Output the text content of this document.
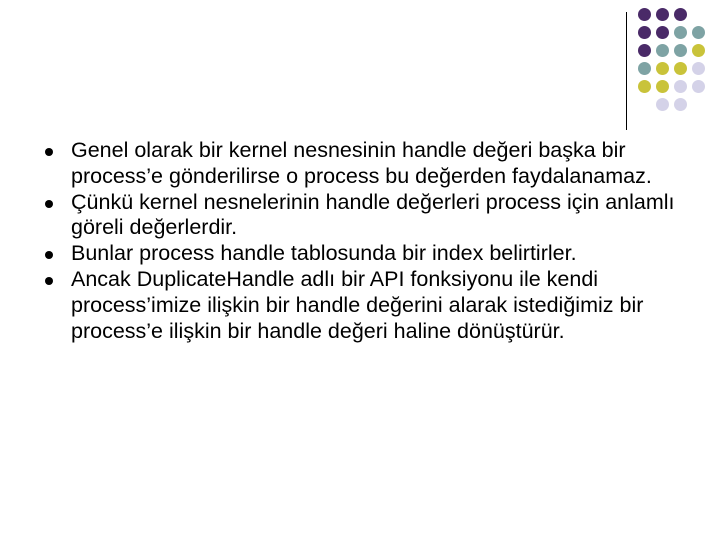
Genel olarak bir kernel nesnesinin handle değeri başka bir process’e gönderilirse o process bu değerden faydalanamaz.
Çünkü kernel nesnelerinin handle değerleri process için anlamlı göreli değerlerdir.
Bunlar process handle tablosunda bir index belirtirler.
Ancak DuplicateHandle adlı bir API fonksiyonu ile kendi process’imize ilişkin bir handle değerini alarak istediğimiz bir process’e ilişkin bir handle değeri haline dönüştürür.
